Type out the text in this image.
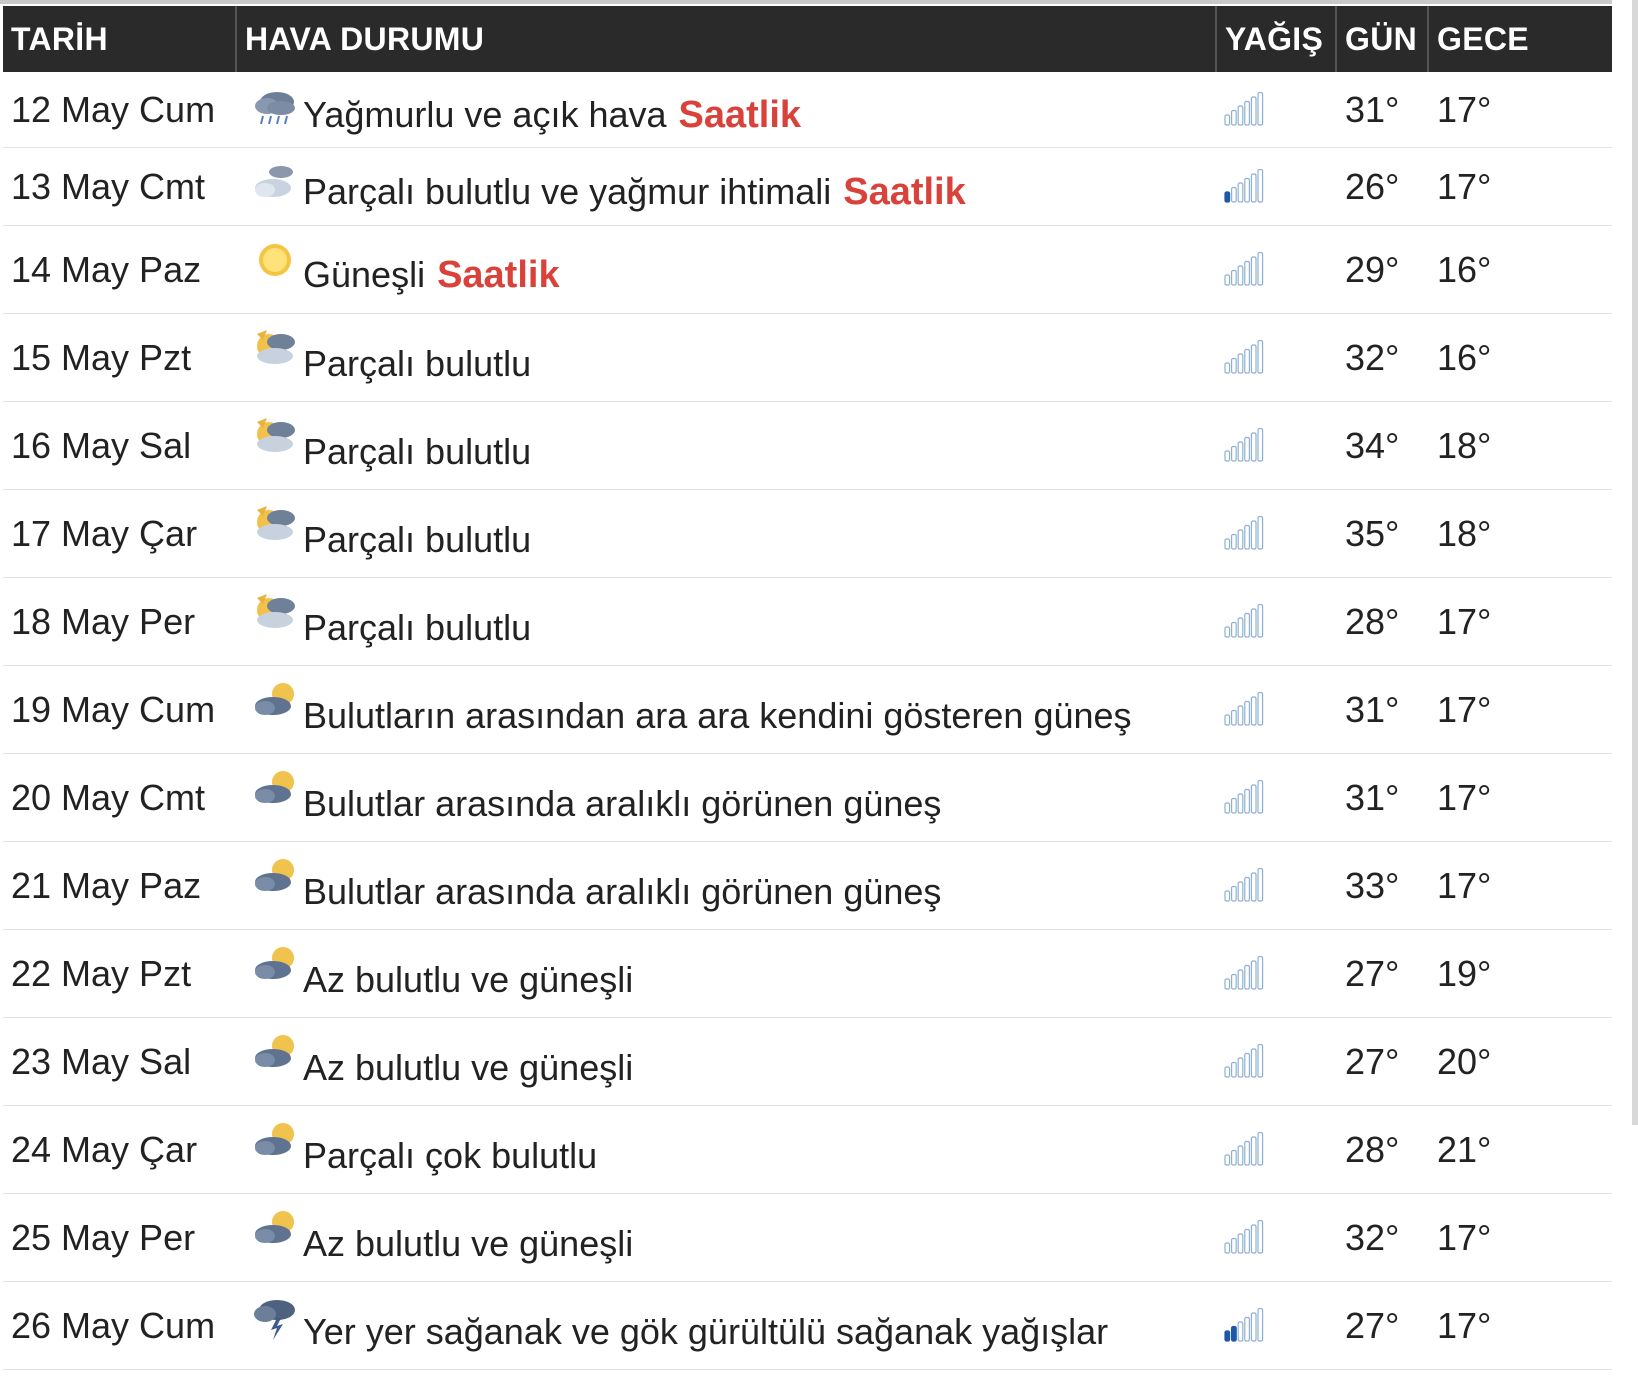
TARİH	HAVA DURUMU	YAĞIŞ	GÜN	GECE
12 May Cum	Yağmurlu ve açık hava Saatlik		31°	17°
13 May Cmt	Parçalı bulutlu ve yağmur ihtimali Saatlik		26°	17°
14 May Paz	Güneşli Saatlik		29°	16°
15 May Pzt	Parçalı bulutlu		32°	16°
16 May Sal	Parçalı bulutlu		34°	18°
17 May Çar	Parçalı bulutlu		35°	18°
18 May Per	Parçalı bulutlu		28°	17°
19 May Cum	Bulutların arasından ara ara kendini gösteren güneş		31°	17°
20 May Cmt	Bulutlar arasında aralıklı görünen güneş		31°	17°
21 May Paz	Bulutlar arasında aralıklı görünen güneş		33°	17°
22 May Pzt	Az bulutlu ve güneşli		27°	19°
23 May Sal	Az bulutlu ve güneşli		27°	20°
24 May Çar	Parçalı çok bulutlu		28°	21°
25 May Per	Az bulutlu ve güneşli		32°	17°
26 May Cum	Yer yer sağanak ve gök gürültülü sağanak yağışlar		27°	17°
